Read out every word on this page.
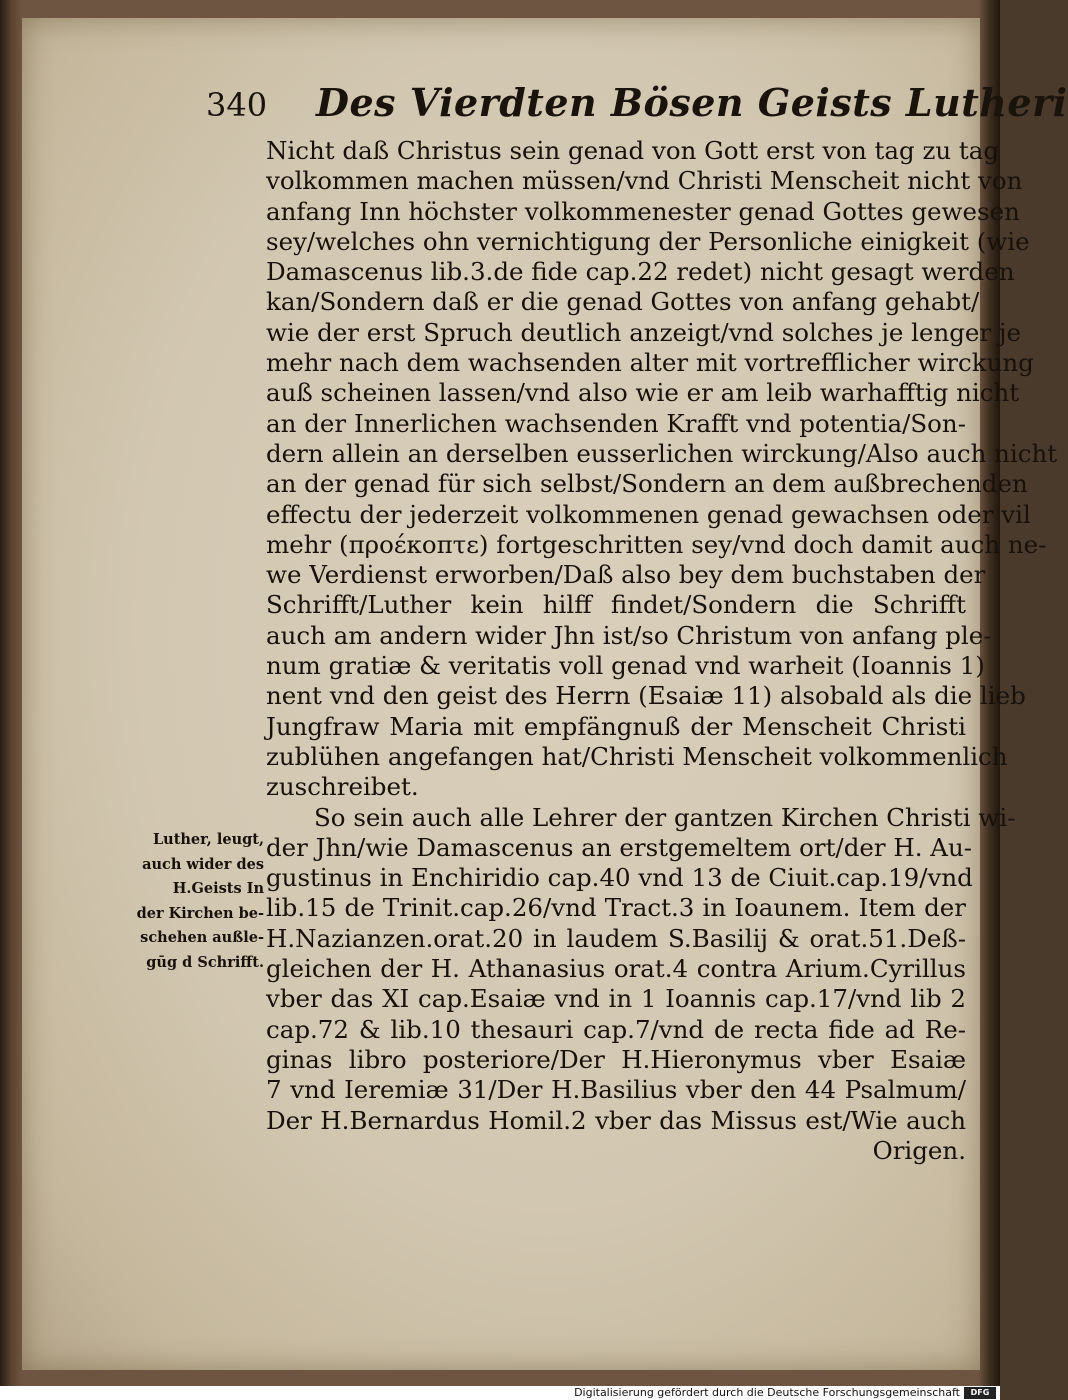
340 Des Vierdten Bösen Geists Lutheri
Nicht daß Christus sein genad von Gott erst von tag zu tag
volkommen machen müssen/vnd Christi Menscheit nicht von
anfang Inn höchster volkommenester genad Gottes gewesen
sey/welches ohn vernichtigung der Personliche einigkeit (wie
Damascenus lib.3.de fide cap.22 redet) nicht gesagt werden
kan/Sondern daß er die genad Gottes von anfang gehabt/
wie der erst Spruch deutlich anzeigt/vnd solches je lenger je
mehr nach dem wachsenden alter mit vortrefflicher wirckung
auß scheinen lassen/vnd also wie er am leib warhafftig nicht
an der Innerlichen wachsenden Krafft vnd potentia/Son-
dern allein an derselben eusserlichen wirckung/Also auch nicht
an der genad für sich selbst/Sondern an dem außbrechenden
effectu der jederzeit volkommenen genad gewachsen oder vil
mehr (προέκοπτε) fortgeschritten sey/vnd doch damit auch ne-
we Verdienst erworben/Daß also bey dem buchstaben der
Schrifft/Luther kein hilff findet/Sondern die Schrifft
auch am andern wider Jhn ist/so Christum von anfang ple-
num gratiæ & veritatis voll genad vnd warheit (Ioannis 1)
nent vnd den geist des Herrn (Esaiæ 11) alsobald als die lieb
Jungfraw Maria mit empfängnuß der Menscheit Christi
zublühen angefangen hat/Christi Menscheit volkommenlich
zuschreibet.
So sein auch alle Lehrer der gantzen Kirchen Christi wi-
der Jhn/wie Damascenus an erstgemeltem ort/der H. Au-
gustinus in Enchiridio cap.40 vnd 13 de Ciuit.cap.19/vnd
lib.15 de Trinit.cap.26/vnd Tract.3 in Ioaunem. Item der
H.Nazianzen.orat.20 in laudem S.Basilij & orat.51.Deß-
gleichen der H. Athanasius orat.4 contra Arium.Cyrillus
vber das XI cap.Esaiæ vnd in 1 Ioannis cap.17/vnd lib 2
cap.72 & lib.10 thesauri cap.7/vnd de recta fide ad Re-
ginas libro posteriore/Der H.Hieronymus vber Esaiæ
7 vnd Ieremiæ 31/Der H.Basilius vber den 44 Psalmum/
Der H.Bernardus Homil.2 vber das Missus est/Wie auch
Origen.
Luther, leugt,
auch wider des
H.Geists In
der Kirchen be-
schehen außle-
gūg d Schrifft.
Digitalisierung gefördert durch die Deutsche Forschungsgemeinschaft	DFG
